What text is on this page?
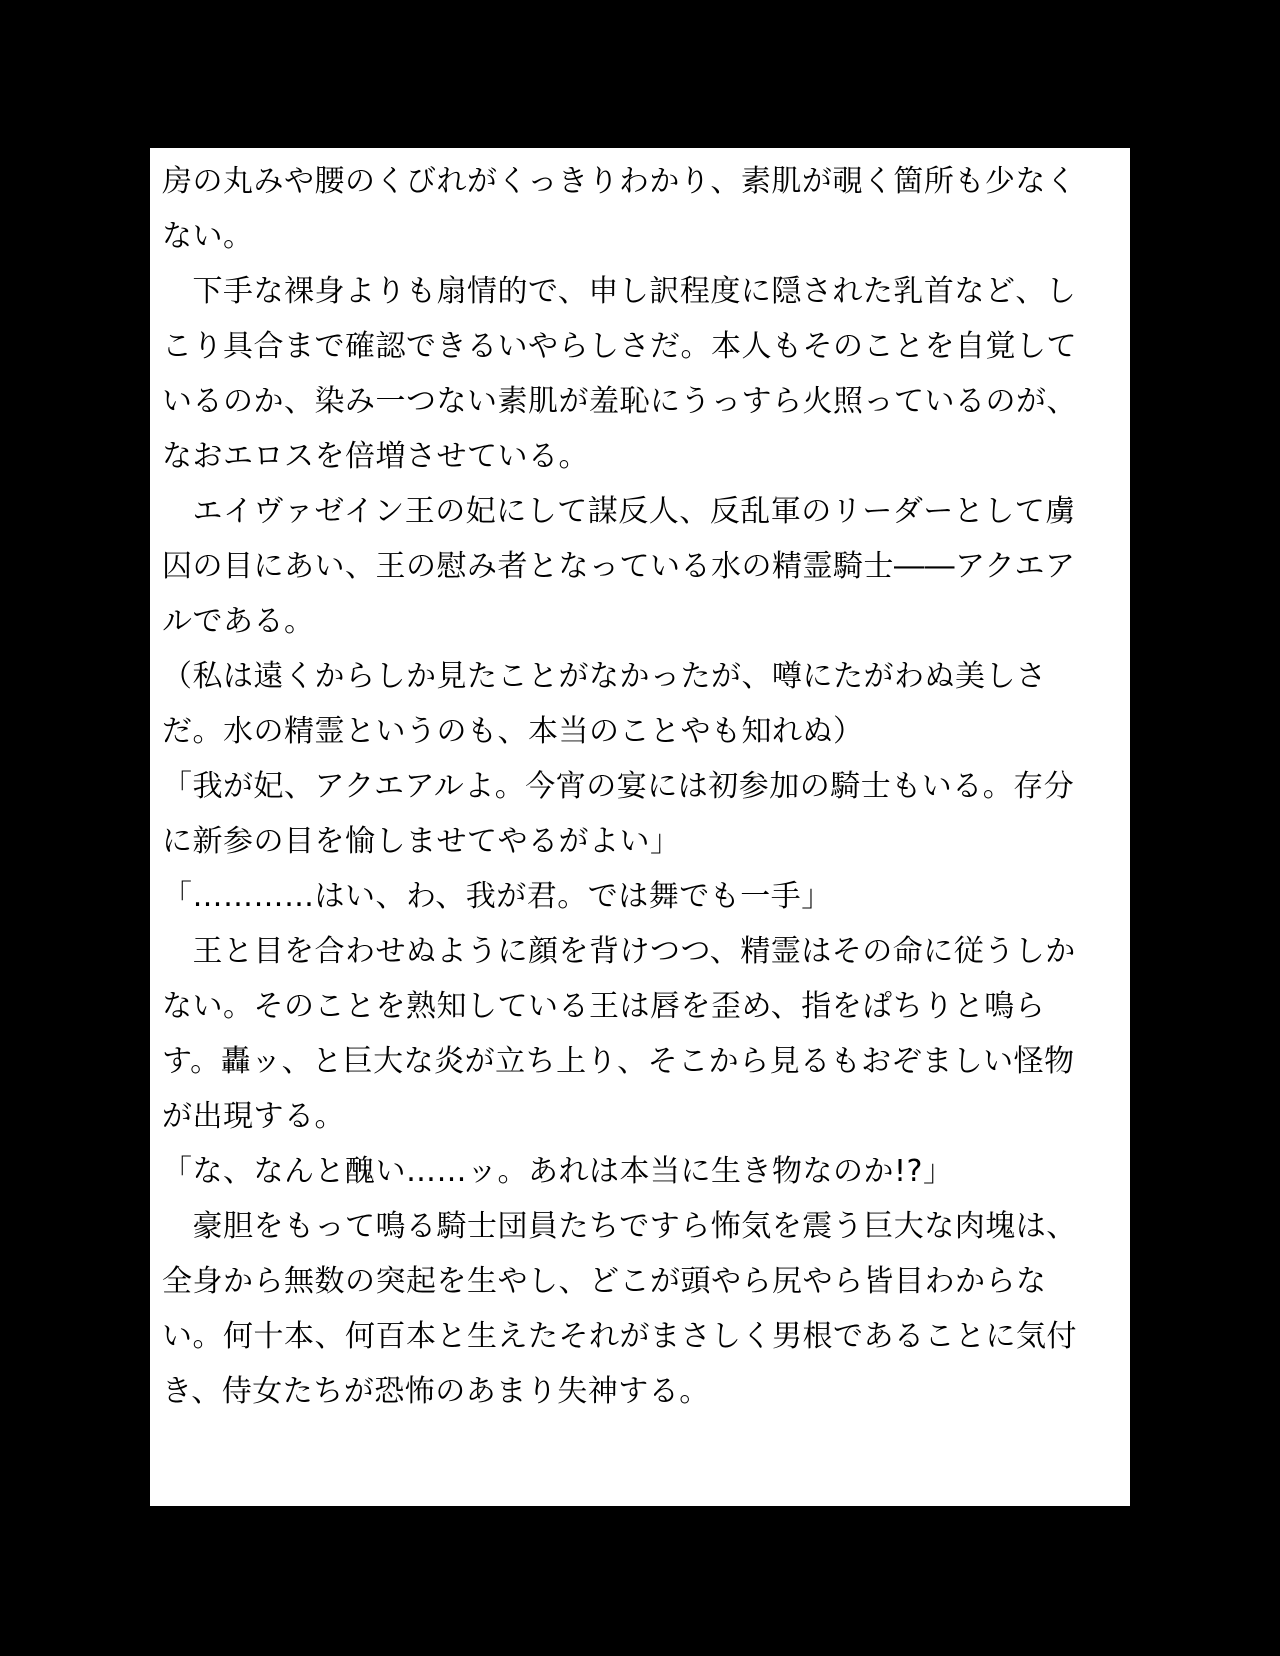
房の丸みや腰のくびれがくっきりわかり、素肌が覗く箇所も少なく
ない。
　下手な裸身よりも扇情的で、申し訳程度に隠された乳首など、し
こり具合まで確認できるいやらしさだ。本人もそのことを自覚して
いるのか、染み一つない素肌が羞恥にうっすら火照っているのが、
なおエロスを倍増させている。
　エイヴァゼイン王の妃にして謀反人、反乱軍のリーダーとして虜
囚の目にあい、王の慰み者となっている水の精霊騎士――アクエア
ルである。
（私は遠くからしか見たことがなかったが、噂にたがわぬ美しさ
だ。水の精霊というのも、本当のことやも知れぬ）
「我が妃、アクエアルよ。今宵の宴には初参加の騎士もいる。存分
に新参の目を愉しませてやるがよい」
「…………はい、わ、我が君。では舞でも一手」
　王と目を合わせぬように顔を背けつつ、精霊はその命に従うしか
ない。そのことを熟知している王は唇を歪め、指をぱちりと鳴ら
す。轟ッ、と巨大な炎が立ち上り、そこから見るもおぞましい怪物
が出現する。
「な、なんと醜い……ッ。あれは本当に生き物なのか!?」
　豪胆をもって鳴る騎士団員たちですら怖気を震う巨大な肉塊は、
全身から無数の突起を生やし、どこが頭やら尻やら皆目わからな
い。何十本、何百本と生えたそれがまさしく男根であることに気付
き、侍女たちが恐怖のあまり失神する。
